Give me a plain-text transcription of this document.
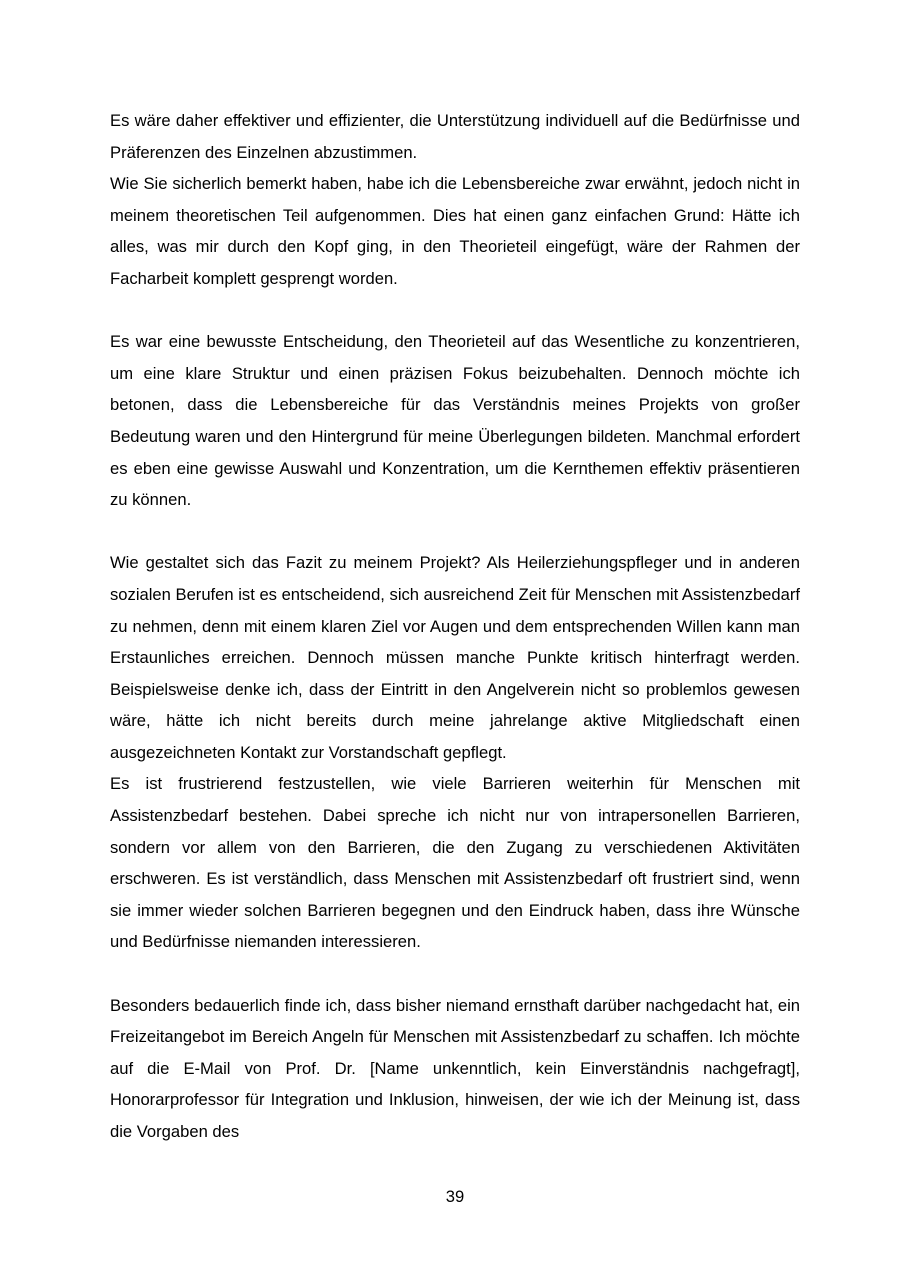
Es wäre daher effektiver und effizienter, die Unterstützung individuell auf die Bedürfnisse und Präferenzen des Einzelnen abzustimmen.

Wie Sie sicherlich bemerkt haben, habe ich die Lebensbereiche zwar erwähnt, jedoch nicht in meinem theoretischen Teil aufgenommen. Dies hat einen ganz einfachen Grund: Hätte ich alles, was mir durch den Kopf ging, in den Theorieteil eingefügt, wäre der Rahmen der Facharbeit komplett gesprengt worden.

Es war eine bewusste Entscheidung, den Theorieteil auf das Wesentliche zu konzentrieren, um eine klare Struktur und einen präzisen Fokus beizubehalten. Dennoch möchte ich betonen, dass die Lebensbereiche für das Verständnis meines Projekts von großer Bedeutung waren und den Hintergrund für meine Überlegungen bildeten. Manchmal erfordert es eben eine gewisse Auswahl und Konzentration, um die Kernthemen effektiv präsentieren zu können.

Wie gestaltet sich das Fazit zu meinem Projekt? Als Heilerziehungspfleger und in anderen sozialen Berufen ist es entscheidend, sich ausreichend Zeit für Menschen mit Assistenzbedarf zu nehmen, denn mit einem klaren Ziel vor Augen und dem entsprechenden Willen kann man Erstaunliches erreichen. Dennoch müssen manche Punkte kritisch hinterfragt werden. Beispielsweise denke ich, dass der Eintritt in den Angelverein nicht so problemlos gewesen wäre, hätte ich nicht bereits durch meine jahrelange aktive Mitgliedschaft einen ausgezeichneten Kontakt zur Vorstandschaft gepflegt.

Es ist frustrierend festzustellen, wie viele Barrieren weiterhin für Menschen mit Assistenzbedarf bestehen. Dabei spreche ich nicht nur von intrapersonellen Barrieren, sondern vor allem von den Barrieren, die den Zugang zu verschiedenen Aktivitäten erschweren. Es ist verständlich, dass Menschen mit Assistenzbedarf oft frustriert sind, wenn sie immer wieder solchen Barrieren begegnen und den Eindruck haben, dass ihre Wünsche und Bedürfnisse niemanden interessieren.

Besonders bedauerlich finde ich, dass bisher niemand ernsthaft darüber nachgedacht hat, ein Freizeitangebot im Bereich Angeln für Menschen mit Assistenzbedarf zu schaffen. Ich möchte auf die E-Mail von Prof. Dr. [Name unkenntlich, kein Einverständnis nachgefragt], Honorarprofessor für Integration und Inklusion, hinweisen, der wie ich der Meinung ist, dass die Vorgaben des

39
